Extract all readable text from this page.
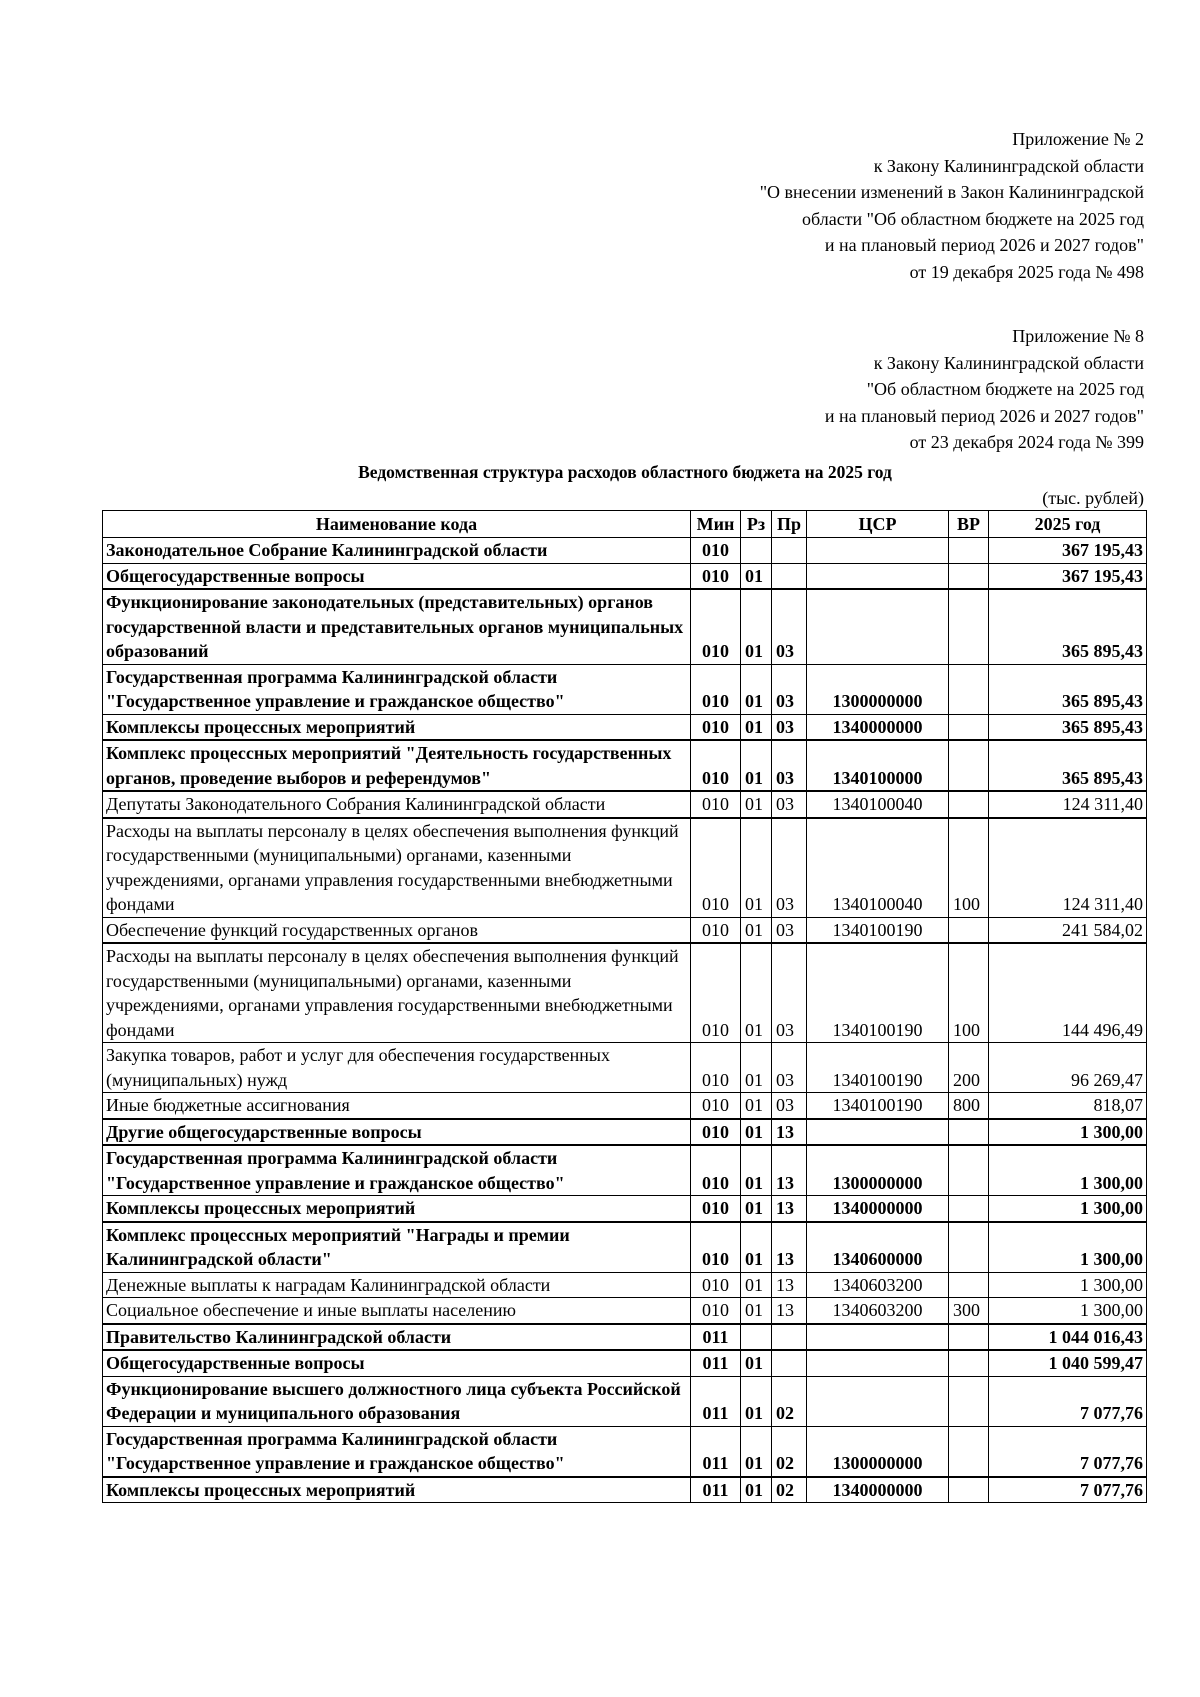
Приложение № 2
к Закону Калининградской области
"О внесении изменений в Закон Калининградской
области "Об областном бюджете на 2025 год
и на плановый период 2026 и 2027 годов"
от 19 декабря 2025 года № 498
Приложение № 8
к Закону Калининградской области
"Об областном бюджете на 2025 год
и на плановый период 2026 и 2027 годов"
от 23 декабря 2024 года № 399
Ведомственная структура расходов областного бюджета на 2025 год
(тыс. рублей)
Наименование кода	Мин	Рз	Пр	ЦСР	ВР	2025 год
Законодательное Собрание Калининградской области	010					367 195,43
Общегосударственные вопросы	010	01				367 195,43
Функционирование законодательных (представительных) органов государственной власти и представительных органов муниципальных образований	010	01	03			365 895,43
Государственная программа Калининградской области "Государственное управление и гражданское общество"	010	01	03	1300000000		365 895,43
Комплексы процессных мероприятий	010	01	03	1340000000		365 895,43
Комплекс процессных мероприятий "Деятельность государственных органов, проведение выборов и референдумов"	010	01	03	1340100000		365 895,43
Депутаты Законодательного Собрания Калининградской области	010	01	03	1340100040		124 311,40
Расходы на выплаты персоналу в целях обеспечения выполнения функций государственными (муниципальными) органами, казенными учреждениями, органами управления государственными внебюджетными фондами	010	01	03	1340100040	100	124 311,40
Обеспечение функций государственных органов	010	01	03	1340100190		241 584,02
Расходы на выплаты персоналу в целях обеспечения выполнения функций государственными (муниципальными) органами, казенными учреждениями, органами управления государственными внебюджетными фондами	010	01	03	1340100190	100	144 496,49
Закупка товаров, работ и услуг для обеспечения государственных (муниципальных) нужд	010	01	03	1340100190	200	96 269,47
Иные бюджетные ассигнования	010	01	03	1340100190	800	818,07
Другие общегосударственные вопросы	010	01	13			1 300,00
Государственная программа Калининградской области "Государственное управление и гражданское общество"	010	01	13	1300000000		1 300,00
Комплексы процессных мероприятий	010	01	13	1340000000		1 300,00
Комплекс процессных мероприятий "Награды и премии Калининградской области"	010	01	13	1340600000		1 300,00
Денежные выплаты к наградам Калининградской области	010	01	13	1340603200		1 300,00
Социальное обеспечение и иные выплаты населению	010	01	13	1340603200	300	1 300,00
Правительство Калининградской области	011					1 044 016,43
Общегосударственные вопросы	011	01				1 040 599,47
Функционирование высшего должностного лица субъекта Российской Федерации и муниципального образования	011	01	02			7 077,76
Государственная программа Калининградской области "Государственное управление и гражданское общество"	011	01	02	1300000000		7 077,76
Комплексы процессных мероприятий	011	01	02	1340000000		7 077,76
